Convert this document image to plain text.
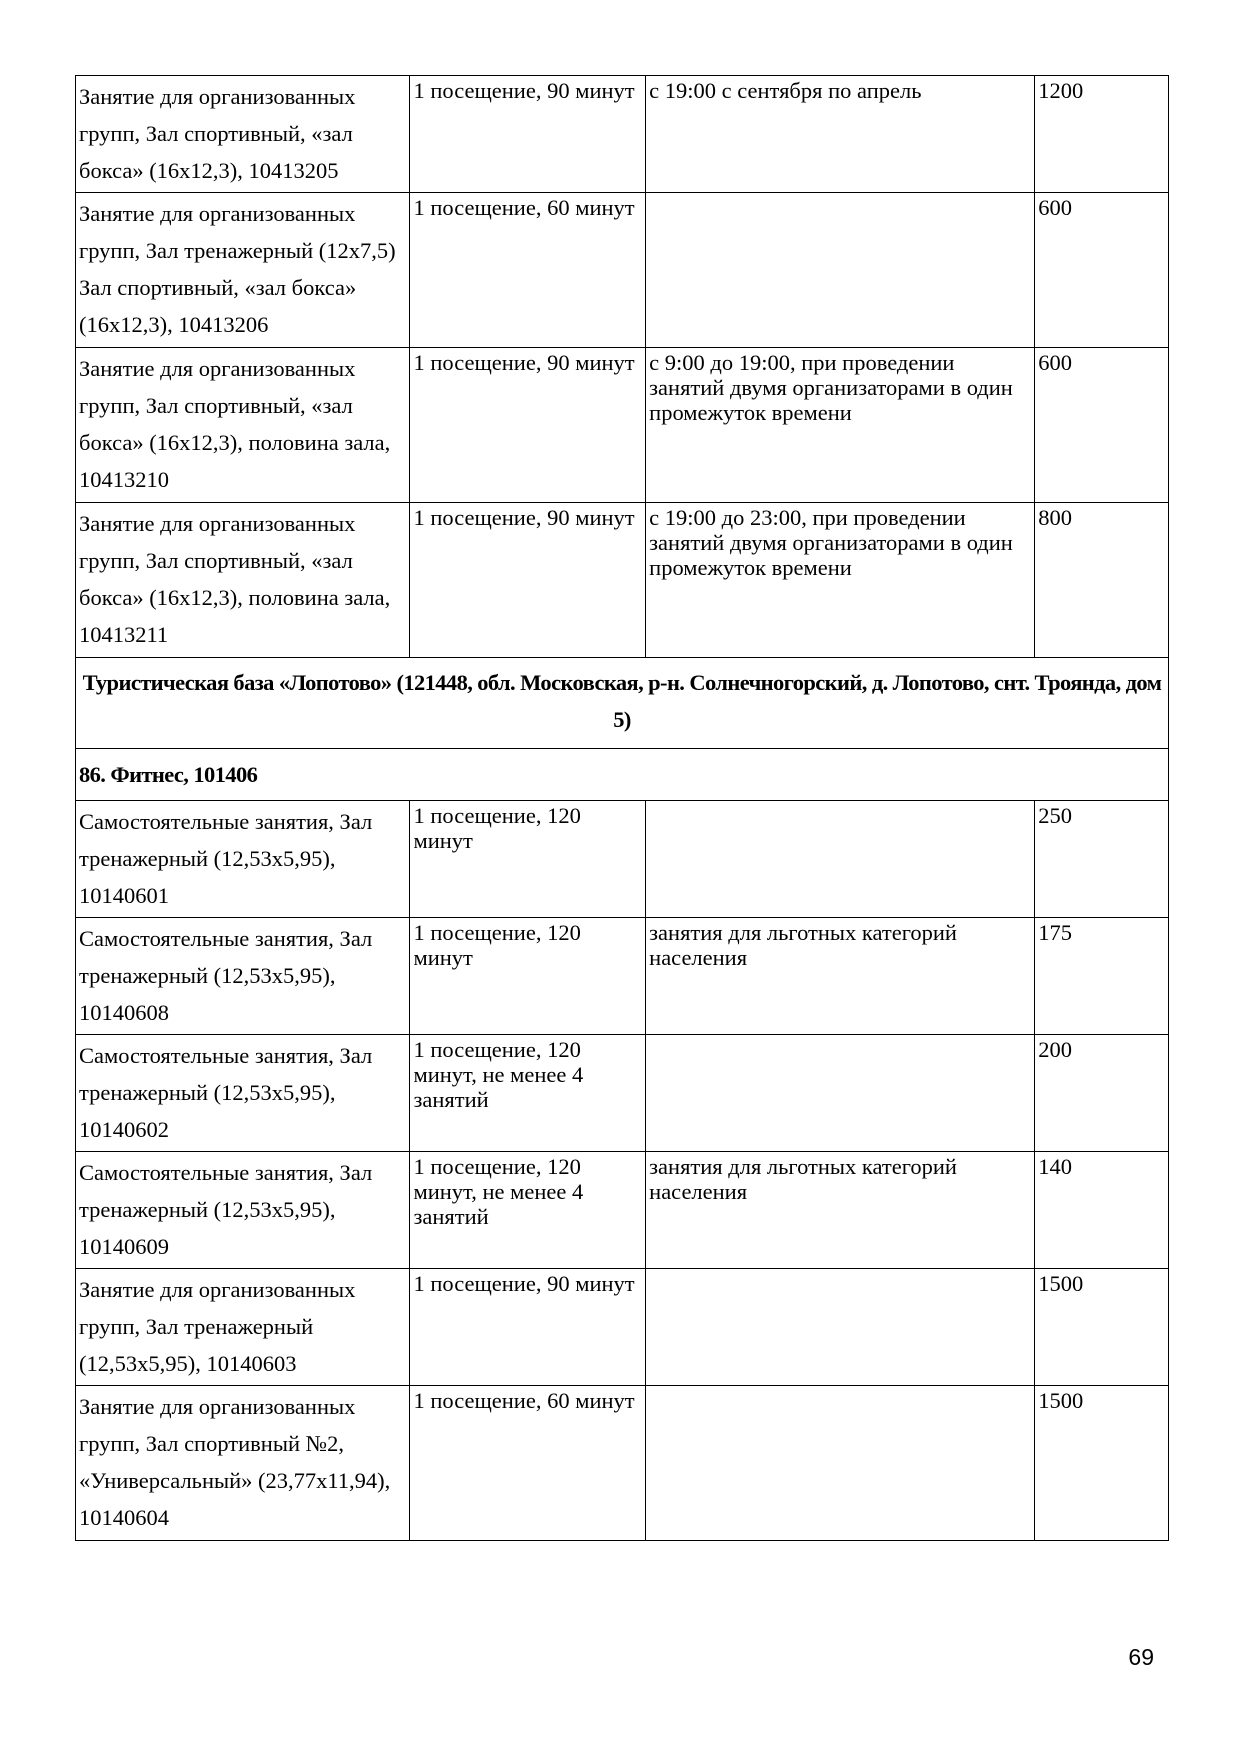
Занятие для организованных групп, Зал спортивный, «зал бокса» (16х12,3), 10413205	1 посещение, 90 минут	с 19:00 с сентября по апрель	1200
Занятие для организованных групп, Зал тренажерный (12х7,5) Зал спортивный, «зал бокса» (16х12,3), 10413206	1 посещение, 60 минут		600
Занятие для организованных групп, Зал спортивный, «зал бокса» (16х12,3), половина зала, 10413210	1 посещение, 90 минут	с 9:00 до 19:00, при проведении занятий двумя организаторами в один промежуток времени	600
Занятие для организованных групп, Зал спортивный, «зал бокса» (16х12,3), половина зала, 10413211	1 посещение, 90 минут	с 19:00 до 23:00, при проведении занятий двумя организаторами в один промежуток времени	800
Туристическая база «Лопотово» (121448, обл. Московская, р-н. Солнечногорский, д. Лопотово, снт. Троянда, дом 5)			
86. Фитнес, 101406			
Самостоятельные занятия, Зал тренажерный (12,53х5,95), 10140601	1 посещение, 120 минут		250
Самостоятельные занятия, Зал тренажерный (12,53х5,95), 10140608	1 посещение, 120 минут	занятия для льготных категорий населения	175
Самостоятельные занятия, Зал тренажерный (12,53х5,95), 10140602	1 посещение, 120 минут, не менее 4 занятий		200
Самостоятельные занятия, Зал тренажерный (12,53х5,95), 10140609	1 посещение, 120 минут, не менее 4 занятий	занятия для льготных категорий населения	140
Занятие для организованных групп, Зал тренажерный (12,53х5,95), 10140603	1 посещение, 90 минут		1500
Занятие для организованных групп, Зал спортивный №2, «Универсальный» (23,77х11,94), 10140604	1 посещение, 60 минут		1500
69
